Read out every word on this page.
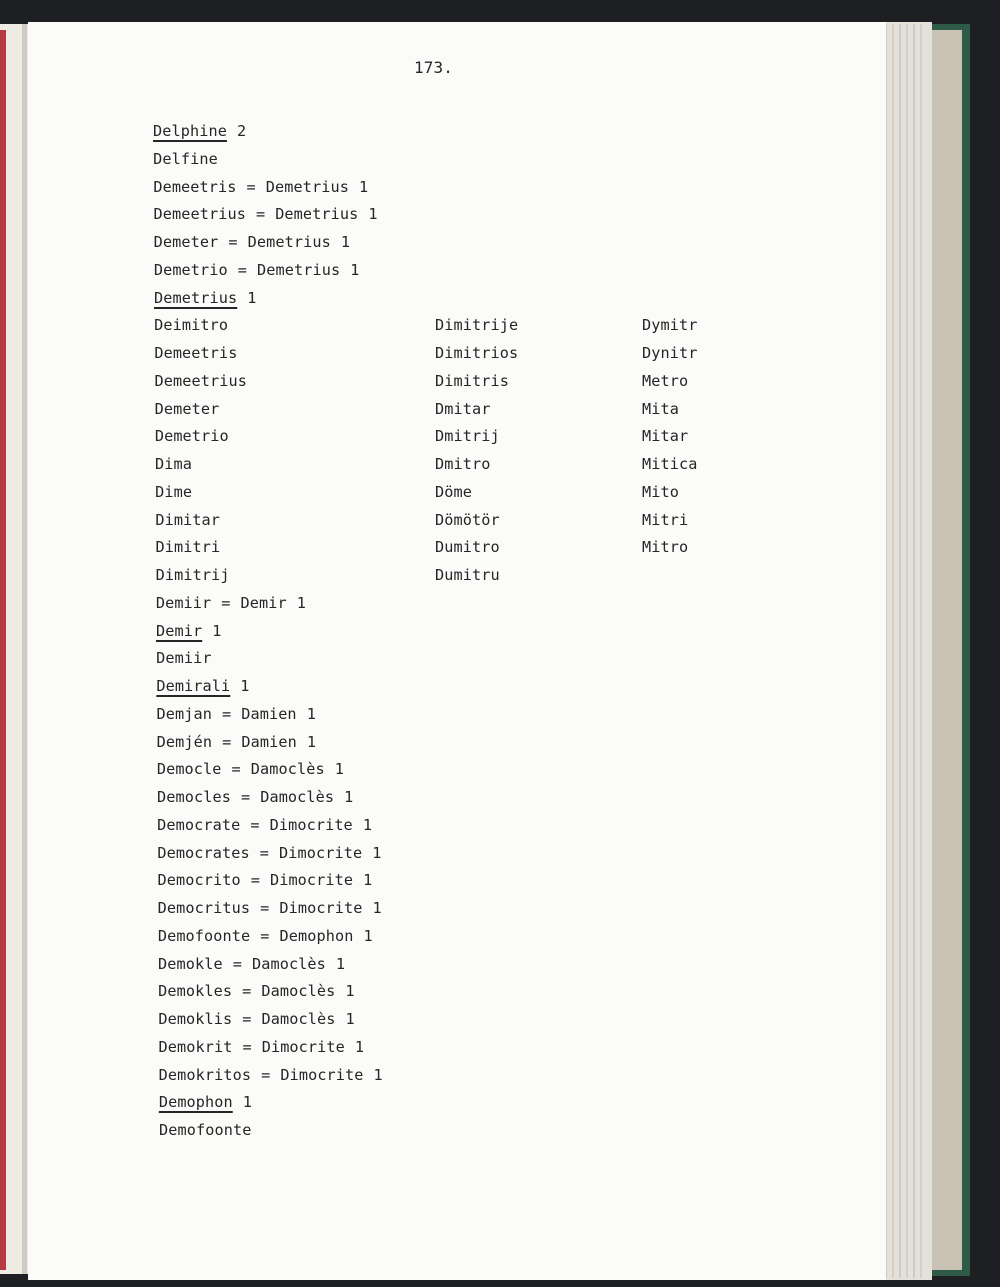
173.
Delphine 2
Delfine
Demeetris = Demetrius 1
Demeetrius = Demetrius 1
Demeter = Demetrius 1
Demetrio = Demetrius 1
Demetrius 1
Deimitro
Demeetris
Demeetrius
Demeter
Demetrio
Dima
Dime
Dimitar
Dimitri
Dimitrij
Demiir = Demir 1
Demir 1
Demiir
Demirali 1
Demjan = Damien 1
Demjén = Damien 1
Democle = Damoclès 1
Democles = Damoclès 1
Democrate = Dimocrite 1
Democrates = Dimocrite 1
Democrito = Dimocrite 1
Democritus = Dimocrite 1
Demofoonte = Demophon 1
Demokle = Damoclès 1
Demokles = Damoclès 1
Demoklis = Damoclès 1
Demokrit = Dimocrite 1
Demokritos = Dimocrite 1
Demophon 1
Demofoonte
Dimitrije
Dimitrios
Dimitris
Dmitar
Dmitrij
Dmitro
Döme
Dömötör
Dumitro
Dumitru
Dymitr
Dynitr
Metro
Mita
Mitar
Mitica
Mito
Mitri
Mitro
